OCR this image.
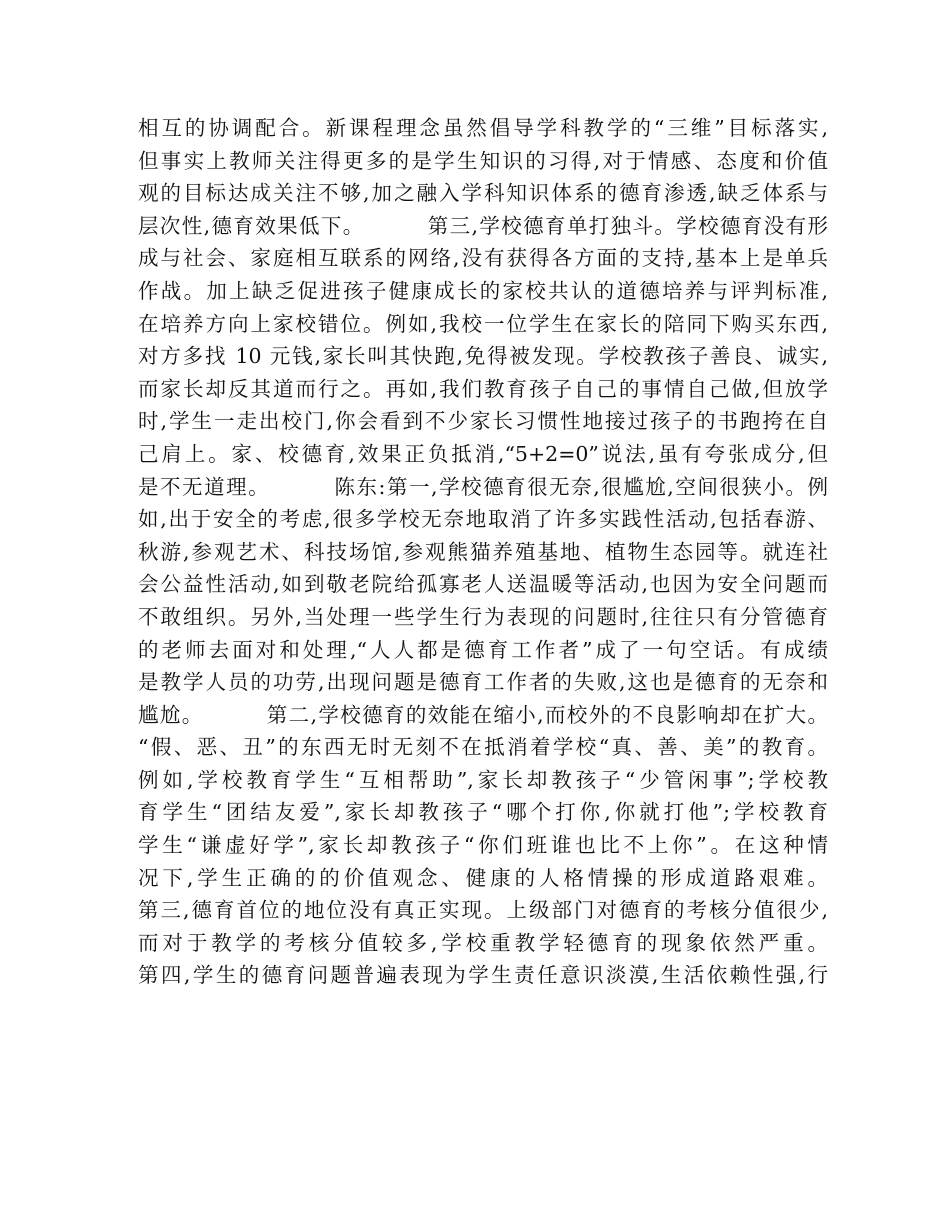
相互的协调配合。新课程理念虽然倡导学科教学的“三维”目标落实,
但事实上教师关注得更多的是学生知识的习得,对于情感、态度和价值
观的目标达成关注不够,加之融入学科知识体系的德育渗透,缺乏体系与
层次性,德育效果低下。        第三,学校德育单打独斗。学校德育没有形
成与社会、家庭相互联系的网络,没有获得各方面的支持,基本上是单兵
作战。加上缺乏促进孩子健康成长的家校共认的道德培养与评判标准,
在培养方向上家校错位。例如,我校一位学生在家长的陪同下购买东西,
对方多找 10 元钱,家长叫其快跑,免得被发现。学校教孩子善良、诚实,
而家长却反其道而行之。再如,我们教育孩子自己的事情自己做,但放学
时,学生一走出校门,你会看到不少家长习惯性地接过孩子的书跑挎在自
己肩上。家、校德育,效果正负抵消,“5+2=0”说法,虽有夸张成分,但
是不无道理。        陈东:第一,学校德育很无奈,很尴尬,空间很狭小。例
如,出于安全的考虑,很多学校无奈地取消了许多实践性活动,包括春游、
秋游,参观艺术、科技场馆,参观熊猫养殖基地、植物生态园等。就连社
会公益性活动,如到敬老院给孤寡老人送温暖等活动,也因为安全问题而
不敢组织。另外,当处理一些学生行为表现的问题时,往往只有分管德育
的老师去面对和处理,“人人都是德育工作者”成了一句空话。有成绩
是教学人员的功劳,出现问题是德育工作者的失败,这也是德育的无奈和
尴尬。        第二,学校德育的效能在缩小,而校外的不良影响却在扩大。
“假、恶、丑”的东西无时无刻不在抵消着学校“真、善、美”的教育。
例如,学校教育学生“互相帮助”,家长却教孩子“少管闲事”;学校教
育学生“团结友爱”,家长却教孩子“哪个打你,你就打他”;学校教育
学生“谦虚好学”,家长却教孩子“你们班谁也比不上你”。在这种情
况下,学生正确的的价值观念、健康的人格情操的形成道路艰难。
第三,德育首位的地位没有真正实现。上级部门对德育的考核分值很少,
而对于教学的考核分值较多,学校重教学轻德育的现象依然严重。
第四,学生的德育问题普遍表现为学生责任意识淡漠,生活依赖性强,行
